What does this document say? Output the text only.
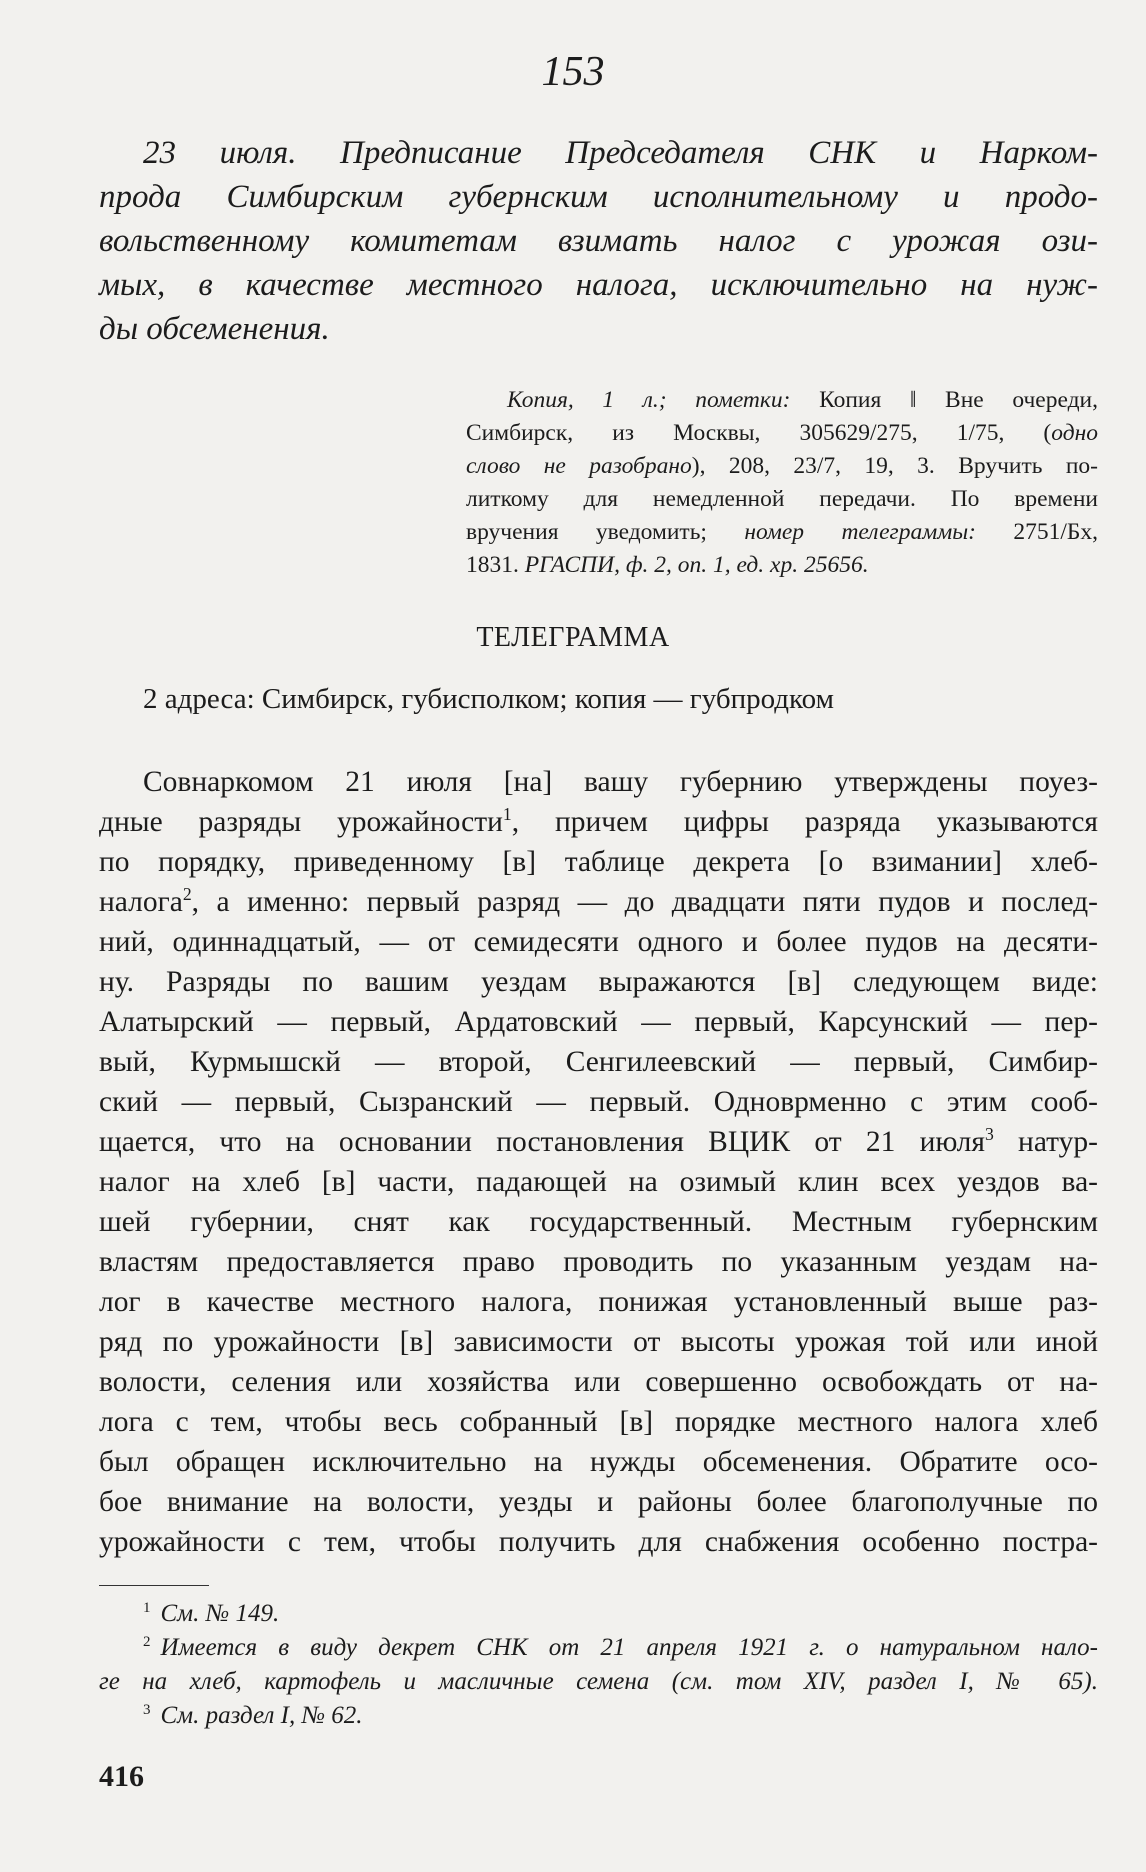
153
23 июля. Предписание Председателя СНК и Нарком-
прода Симбирским губернским исполнительному и продо-
вольственному комитетам взимать налог с урожая ози-
мых, в качестве местного налога, исключительно на нуж-
ды обсеменения.
Копия, 1 л.; пометки: Копия ‖ Вне очереди,
Симбирск, из Москвы, 305629/275, 1/75, (одно
слово не разобрано), 208, 23/7, 19, 3. Вручить по-
литкому для немедленной передачи. По времени
вручения уведомить; номер телеграммы: 2751/Бх,
1831. РГАСПИ, ф. 2, оп. 1, ед. хр. 25656.
ТЕЛЕГРАММА
2 адреса: Симбирск, губисполком; копия — губпродком
Совнаркомом 21 июля [на] вашу губернию утверждены поуез-
дные разряды урожайности$^1$, причем цифры разряда указываются
по порядку, приведенному [в] таблице декрета [о взимании] хлеб-
налога$^2$, а именно: первый разряд — до двадцати пяти пудов и послед-
ний, одиннадцатый, — от семидесяти одного и более пудов на десяти-
ну. Разряды по вашим уездам выражаются [в] следующем виде:
Алатырский — первый, Ардатовский — первый, Карсунский — пер-
вый, Курмышскй — второй, Сенгилеевский — первый, Симбир-
ский — первый, Сызранский — первый. Одноврменно с этим сооб-
щается, что на основании постановления ВЦИК от 21 июля$^3$ натур-
налог на хлеб [в] части, падающей на озимый клин всех уездов ва-
шей губернии, снят как государственный. Местным губернским
властям предоставляется право проводить по указанным уездам на-
лог в качестве местного налога, понижая установленный выше раз-
ряд по урожайности [в] зависимости от высоты урожая той или иной
волости, селения или хозяйства или совершенно освобождать от на-
лога с тем, чтобы весь собранный [в] порядке местного налога хлеб
был обращен исключительно на нужды обсеменения. Обратите осо-
бое внимание на волости, уезды и районы более благополучные по
урожайности с тем, чтобы получить для снабжения особенно постра-
$^1$ См. № 149.
$^2$ Имеется в виду декрет СНК от 21 апреля 1921 г. о натуральном нало-
ге на хлеб, картофель и масличные семена (см. том XIV, раздел I, № 65).
$^3$ См. раздел I, № 62.
416
